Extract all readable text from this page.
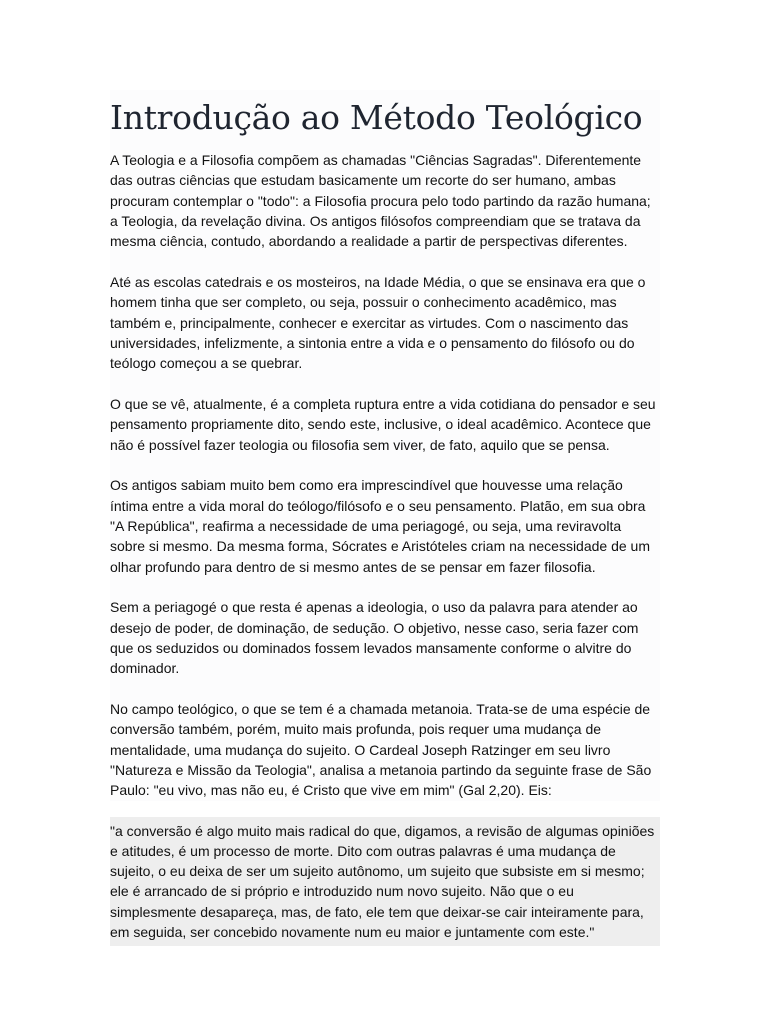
Introdução ao Método Teológico

A Teologia e a Filosofia compõem as chamadas "Ciências Sagradas". Diferentemente das outras ciências que estudam basicamente um recorte do ser humano, ambas procuram contemplar o "todo": a Filosofia procura pelo todo partindo da razão humana; a Teologia, da revelação divina. Os antigos filósofos compreendiam que se tratava da mesma ciência, contudo, abordando a realidade a partir de perspectivas diferentes.

Até as escolas catedrais e os mosteiros, na Idade Média, o que se ensinava era que o homem tinha que ser completo, ou seja, possuir o conhecimento acadêmico, mas também e, principalmente, conhecer e exercitar as virtudes. Com o nascimento das universidades, infelizmente, a sintonia entre a vida e o pensamento do filósofo ou do teólogo começou a se quebrar.

O que se vê, atualmente, é a completa ruptura entre a vida cotidiana do pensador e seu pensamento propriamente dito, sendo este, inclusive, o ideal acadêmico. Acontece que não é possível fazer teologia ou filosofia sem viver, de fato, aquilo que se pensa.

Os antigos sabiam muito bem como era imprescindível que houvesse uma relação íntima entre a vida moral do teólogo/filósofo e o seu pensamento. Platão, em sua obra "A República", reafirma a necessidade de uma periagogé, ou seja, uma reviravolta sobre si mesmo. Da mesma forma, Sócrates e Aristóteles criam na necessidade de um olhar profundo para dentro de si mesmo antes de se pensar em fazer filosofia.

Sem a periagogé o que resta é apenas a ideologia, o uso da palavra para atender ao desejo de poder, de dominação, de sedução. O objetivo, nesse caso, seria fazer com que os seduzidos ou dominados fossem levados mansamente conforme o alvitre do dominador.

No campo teológico, o que se tem é a chamada metanoia. Trata-se de uma espécie de conversão também, porém, muito mais profunda, pois requer uma mudança de mentalidade, uma mudança do sujeito. O Cardeal Joseph Ratzinger em seu livro "Natureza e Missão da Teologia", analisa a metanoia partindo da seguinte frase de São Paulo: "eu vivo, mas não eu, é Cristo que vive em mim" (Gal 2,20). Eis:

"a conversão é algo muito mais radical do que, digamos, a revisão de algumas opiniões e atitudes, é um processo de morte. Dito com outras palavras é uma mudança de sujeito, o eu deixa de ser um sujeito autônomo, um sujeito que subsiste em si mesmo; ele é arrancado de si próprio e introduzido num novo sujeito. Não que o eu simplesmente desapareça, mas, de fato, ele tem que deixar-se cair inteiramente para, em seguida, ser concebido novamente num eu maior e juntamente com este."
